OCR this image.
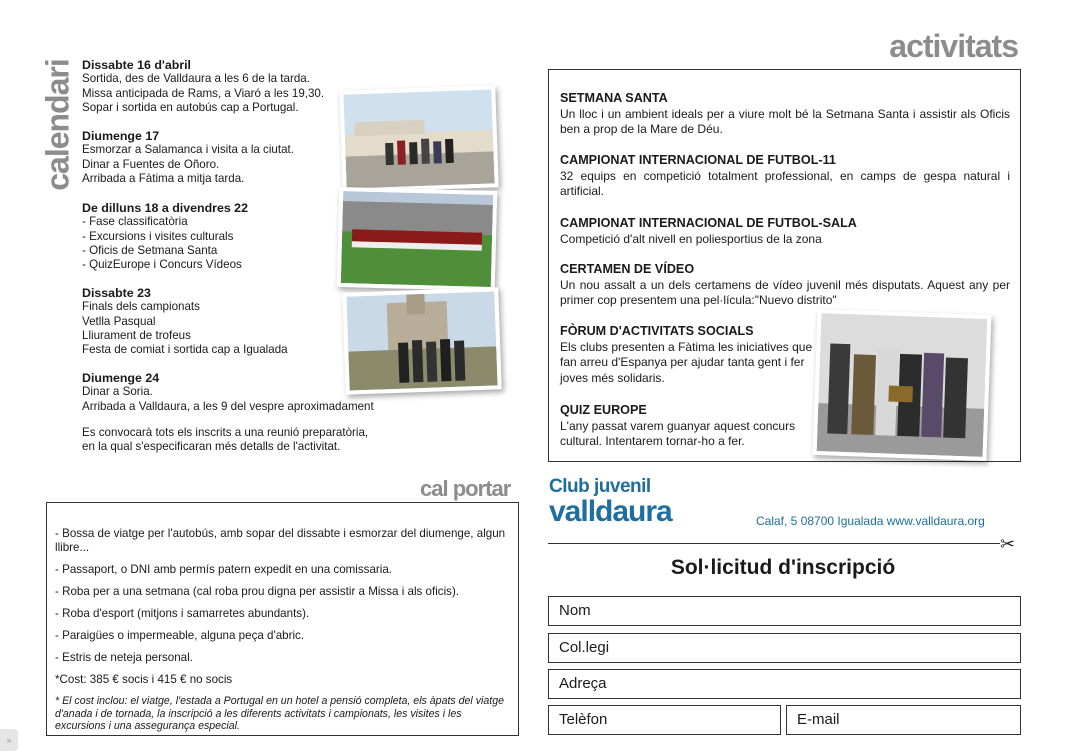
calendari Dissabte 16 d'abril
Sortida, des de Valldaura a les 6 de la tarda.
Missa anticipada de Rams, a Viaró a les 19,30.
Sopar i sortida en autobús cap a Portugal.
Diumenge 17
Esmorzar a Salamanca i visita a la ciutat.
Dinar a Fuentes de Oñoro.
Arribada a Fàtima a mitja tarda.
De dilluns 18 a divendres 22
- Fase classificatòria
- Excursions i visites culturals
- Oficis de Setmana Santa
- QuizEurope i Concurs Vídeos
Dissabte 23
Finals dels campionats
Vetlla Pasqual
Lliurament de trofeus
Festa de comiat i sortida cap a Igualada
Diumenge 24
Dinar a Soria.
Arribada a Valldaura, a les 9 del vespre aproximadament
Es convocarà tots els inscrits a una reunió preparatòria,
en la qual s'especificaran més detalls de l'activitat.
activitats
SETMANA SANTA
Un lloc i un ambient ideals per a viure molt bé la Setmana Santa i assistir als Oficis ben a prop de la Mare de Déu.
CAMPIONAT INTERNACIONAL DE FUTBOL-11
32 equips en competició totalment professional, en camps de gespa natural i artificial.
CAMPIONAT INTERNACIONAL DE FUTBOL-SALA
Competició d'alt nivell en poliesportius de la zona
CERTAMEN DE VÍDEO
Un nou assalt a un dels certamens de vídeo juvenil més disputats. Aquest any per primer cop presentem una pel·lícula:"Nuevo distrito"
FÒRUM D'ACTIVITATS SOCIALS
Els clubs presenten a Fàtima les iniciatives que fan arreu d'Espanya per ajudar tanta gent i fer joves més solidaris.
QUIZ EUROPE
L'any passat varem guanyar aquest concurs cultural. Intentarem tornar-ho a fer.
cal portar

- Bossa de viatge per l'autobús, amb sopar del dissabte i esmorzar del diumenge, algun llibre...

- Passaport, o DNI amb permís patern expedit en una comissaria.

- Roba per a una setmana (cal roba prou digna per assistir a Missa i als oficis).

- Roba d'esport (mitjons i samarretes abundants).

- Paraigües o impermeable, alguna peça d'abric.

- Estris de neteja personal.

*Cost: 385 € socis i 415 € no socis

* El cost inclou: el viatge, l'estada a Portugal en un hotel a pensió completa, els àpats del viatge d'anada i de tornada, la inscripció a les diferents activitats i campionats, les visites i les excursions i una assegurança especial.

Club juvenil
valldaura	Calaf, 5 08700 Igualada www.valldaura.org
✂
Sol·licitud d'inscripció
Nom
Col.legi
Adreça
Telèfon	E-mail
»
